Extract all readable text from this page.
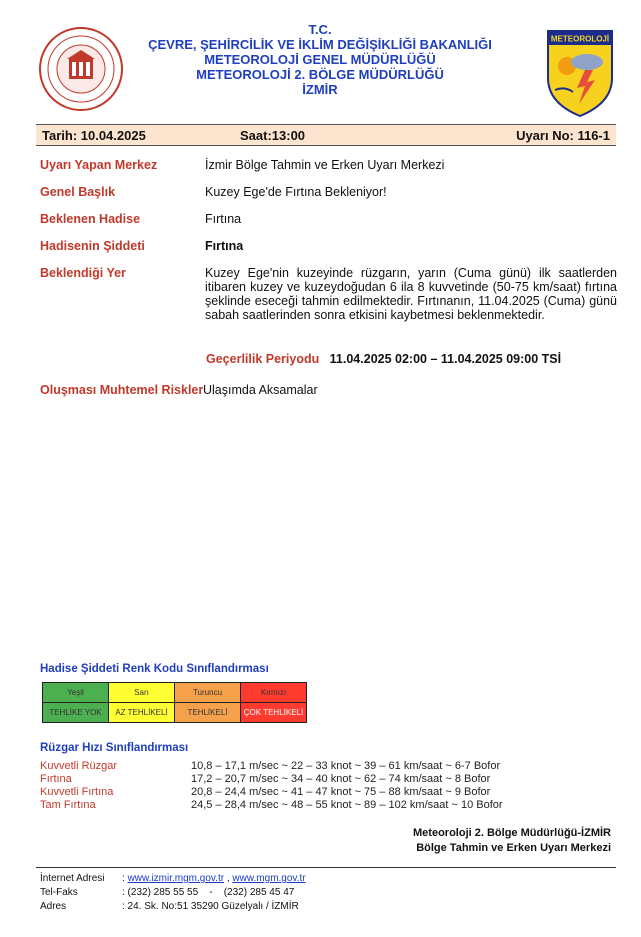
T.C.
ÇEVRE, ŞEHİRCİLİK VE İKLİM DEĞİŞİKLİĞİ BAKANLIĞI
METEOROLOJİ GENEL MÜDÜRLÜĞÜ
METEOROLOJİ 2. BÖLGE MÜDÜRLÜĞÜ
İZMİR
METEOROLOJİ
Tarih: 10.04.2025	Saat:13:00	Uyarı No: 116-1
Uyarı Yapan Merkez	İzmir Bölge Tahmin ve Erken Uyarı Merkezi
Genel Başlık	Kuzey Ege'de Fırtına Bekleniyor!
Beklenen Hadise	Fırtına
Hadisenin Şiddeti	Fırtına
Beklendiği Yer	Kuzey Ege'nin kuzeyinde rüzgarın, yarın (Cuma günü) ilk saatlerden itibaren kuzey ve kuzeydoğudan 6 ila 8 kuvvetinde (50-75 km/saat) fırtına şeklinde eseceği tahmin edilmektedir. Fırtınanın, 11.04.2025 (Cuma) günü sabah saatlerinden sonra etkisini kaybetmesi beklenmektedir.
Geçerlilik Periyodu 11.04.2025 02:00 – 11.04.2025 09:00 TSİ
Oluşması Muhtemel Riskler Ulaşımda Aksamalar
Hadise Şiddeti Renk Kodu Sınıflandırması
Yeşil	Sarı	Turuncu	Kırmızı
TEHLİKE YOK	AZ TEHLİKELİ	TEHLİKELİ	ÇOK TEHLİKELİ
Rüzgar Hızı Sınıflandırması
Kuvvetli Rüzgar	10,8 – 17,1 m/sec ~ 22 – 33 knot ~ 39 – 61 km/saat ~ 6-7 Bofor
Fırtına	17,2 – 20,7 m/sec ~ 34 – 40 knot ~ 62 – 74 km/saat ~ 8 Bofor
Kuvvetli Fırtına	20,8 – 24,4 m/sec ~ 41 – 47 knot ~ 75 – 88 km/saat ~ 9 Bofor
Tam Fırtına	24,5 – 28,4 m/sec ~ 48 – 55 knot ~ 89 – 102 km/saat ~ 10 Bofor
Meteoroloji 2. Bölge Müdürlüğü-İZMİR
Bölge Tahmin ve Erken Uyarı Merkezi
İnternet Adresi : www.izmir.mgm.gov.tr , www.mgm.gov.tr
Tel-Faks	: (232) 285 55 55    -    (232) 285 45 47
Adres	: 24. Sk. No:51 35290 Güzelyalı / İZMİR
